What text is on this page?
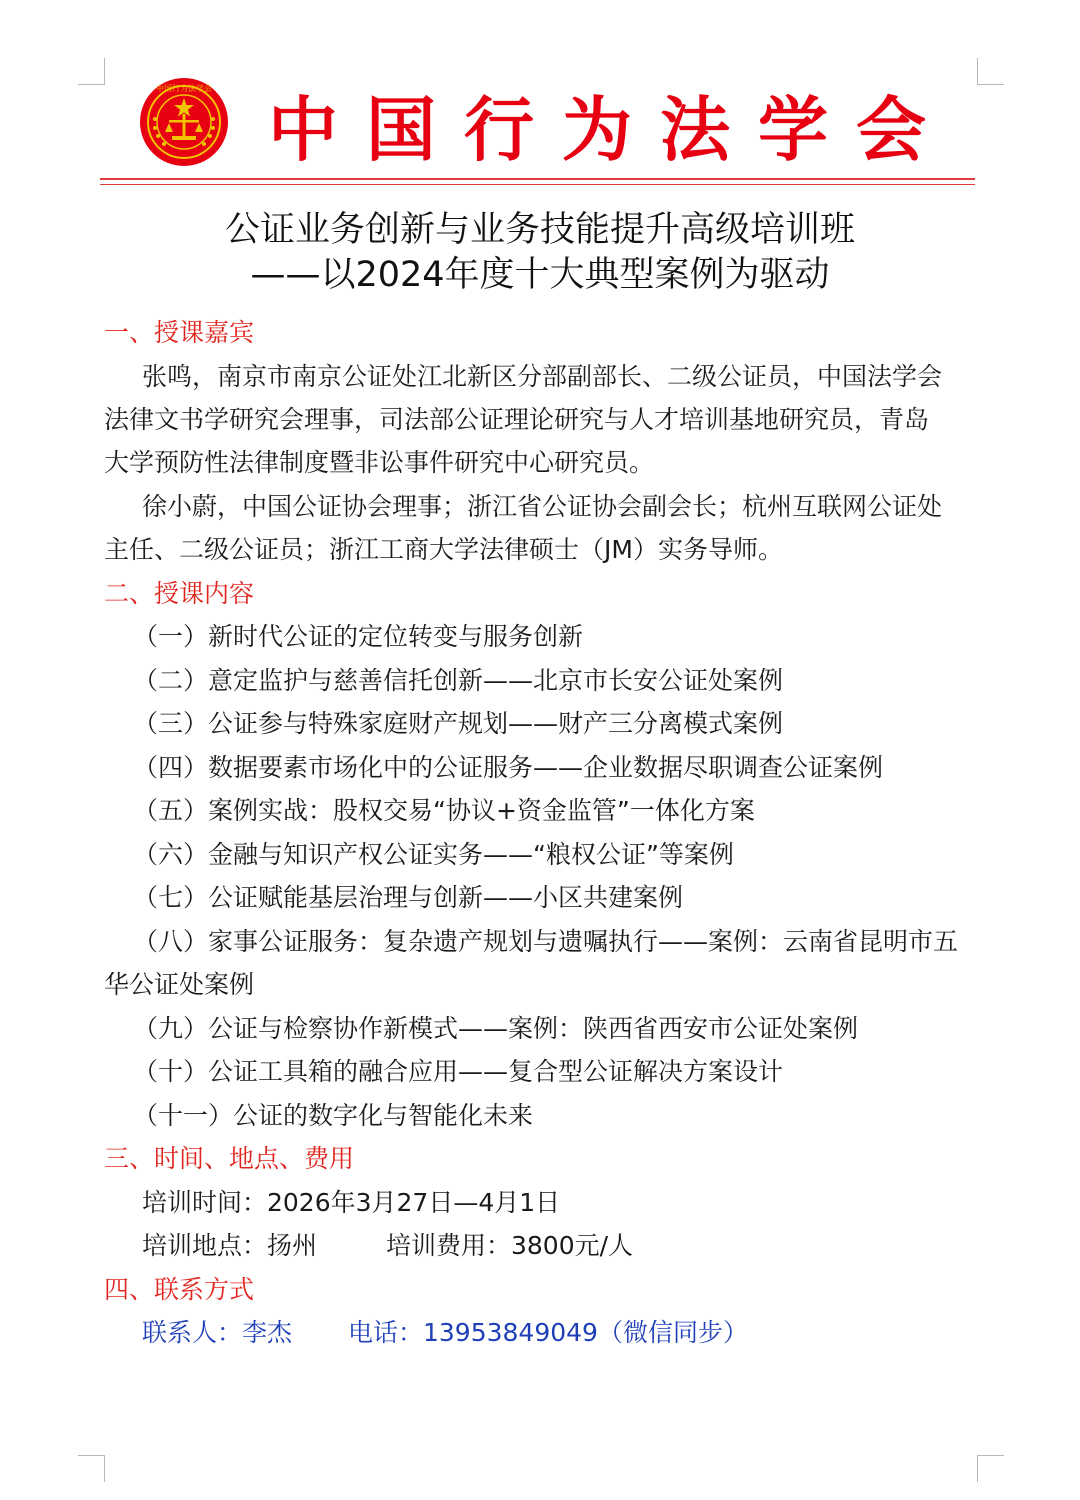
中国行为法学会
中国行为法学会
公证业务创新与业务技能提升高级培训班
——以2024年度十大典型案例为驱动
一、授课嘉宾
张鸣，南京市南京公证处江北新区分部副部长、二级公证员，中国法学会
法律文书学研究会理事，司法部公证理论研究与人才培训基地研究员，青岛
大学预防性法律制度暨非讼事件研究中心研究员。
徐小蔚，中国公证协会理事；浙江省公证协会副会长；杭州互联网公证处
主任、二级公证员；浙江工商大学法律硕士（JM）实务导师。
二、授课内容
（一）新时代公证的定位转变与服务创新
（二）意定监护与慈善信托创新——北京市长安公证处案例
（三）公证参与特殊家庭财产规划——财产三分离模式案例
（四）数据要素市场化中的公证服务——企业数据尽职调查公证案例
（五）案例实战：股权交易“协议+资金监管”一体化方案
（六）金融与知识产权公证实务——“粮权公证”等案例
（七）公证赋能基层治理与创新——小区共建案例
（八）家事公证服务：复杂遗产规划与遗嘱执行——案例：云南省昆明市五
华公证处案例
（九）公证与检察协作新模式——案例：陕西省西安市公证处案例
（十）公证工具箱的融合应用——复合型公证解决方案设计
（十一）公证的数字化与智能化未来
三、时间、地点、费用
培训时间：2026年3月27日—4月1日
培训地点：扬州	培训费用：3800元/人
四、联系方式
联系人：李杰 电话：13953849049（微信同步）
